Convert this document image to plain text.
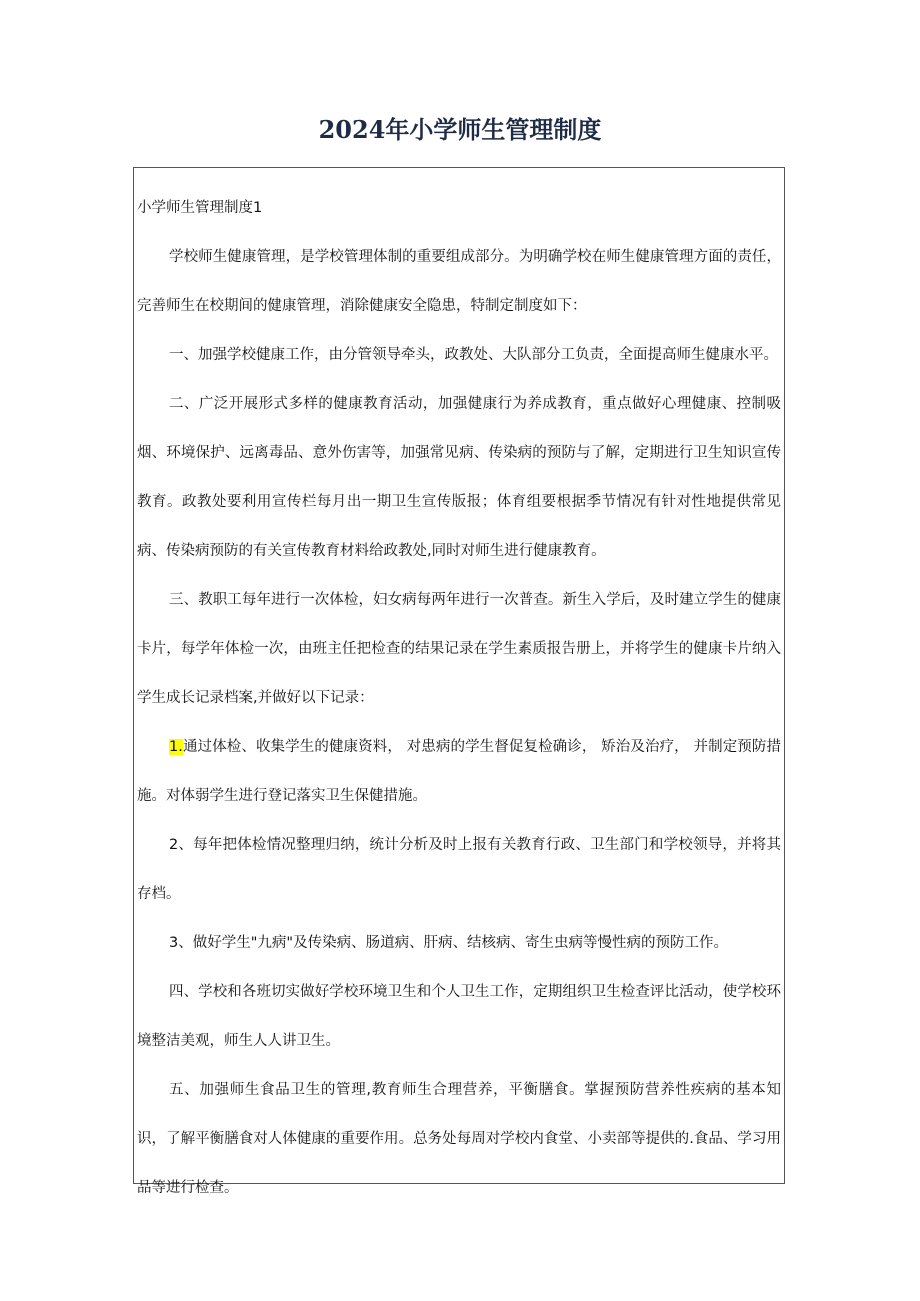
2024年小学师生管理制度

小学师生管理制度1

学校师生健康管理，是学校管理体制的重要组成部分。为明确学校在师生健康管理方面的责任，完善师生在校期间的健康管理，消除健康安全隐患，特制定制度如下：

一、加强学校健康工作，由分管领导牵头，政教处、大队部分工负责，全面提高师生健康水平。

二、广泛开展形式多样的健康教育活动，加强健康行为养成教育，重点做好心理健康、控制吸烟、环境保护、远离毒品、意外伤害等，加强常见病、传染病的预防与了解，定期进行卫生知识宣传教育。政教处要利用宣传栏每月出一期卫生宣传版报；体育组要根据季节情况有针对性地提供常见病、传染病预防的有关宣传教育材料给政教处,同时对师生进行健康教育。

三、教职工每年进行一次体检，妇女病每两年进行一次普查。新生入学后，及时建立学生的健康卡片，每学年体检一次，由班主任把检查的结果记录在学生素质报告册上，并将学生的健康卡片纳入学生成长记录档案,并做好以下记录：

1.通过体检、收集学生的健康资料， 对患病的学生督促复检确诊， 矫治及治疗， 并制定预防措施。对体弱学生进行登记落实卫生保健措施。

2、每年把体检情况整理归纳，统计分析及时上报有关教育行政、卫生部门和学校领导，并将其存档。

3、做好学生"九病"及传染病、肠道病、肝病、结核病、寄生虫病等慢性病的预防工作。

四、学校和各班切实做好学校环境卫生和个人卫生工作，定期组织卫生检查评比活动，使学校环境整洁美观，师生人人讲卫生。

五、加强师生食品卫生的管理,教育师生合理营养，平衡膳食。掌握预防营养性疾病的基本知识，了解平衡膳食对人体健康的重要作用。总务处每周对学校内食堂、小卖部等提供的.食品、学习用品等进行检查。
